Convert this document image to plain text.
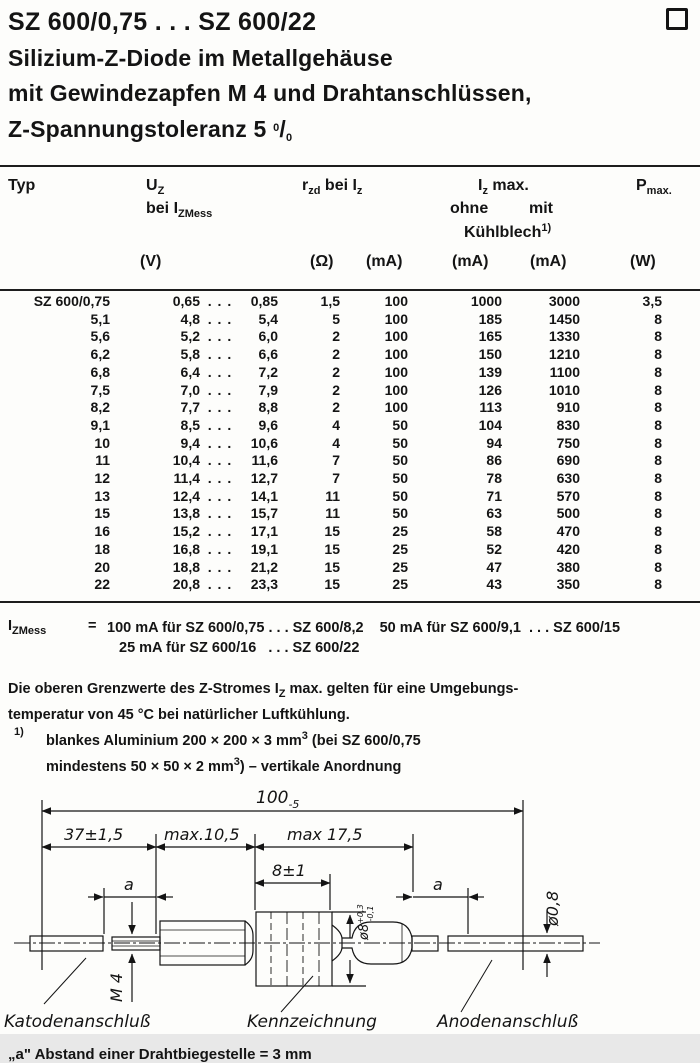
SZ 600/0,75 . . . SZ 600/22
Silizium-Z-Diode im Metallgehäuse
mit Gewindezapfen M 4 und Drahtanschlüssen,
Z-Spannungstoleranz 5 $^0$/0
Typ	$U_Z$
bei $I_{ZMess}$
$r_{zd}$ bei $I_z$	$I_z$ max.
ohne	mit
Kühlblech$^{1)}$
$P_{max.}$
(V)	(Ω) (mA)	(mA)	(mA)	(W)
SZ 600/0,75	0,65	. . .	0,85	1,5	100	1000	3000	3,5
5,1	4,8	. . .	5,4	5	100	185	1450	8
5,6	5,2	. . .	6,0	2	100	165	1330	8
6,2	5,8	. . .	6,6	2	100	150	1210	8
6,8	6,4	. . .	7,2	2	100	139	1100	8
7,5	7,0	. . .	7,9	2	100	126	1010	8
8,2	7,7	. . .	8,8	2	100	113	910	8
9,1	8,5	. . .	9,6	4	50	104	830	8
10	9,4	. . .	10,6	4	50	94	750	8
11	10,4	. . .	11,6	7	50	86	690	8
12	11,4	. . .	12,7	7	50	78	630	8
13	12,4	. . .	14,1	11	50	71	570	8
15	13,8	. . .	15,7	11	50	63	500	8
16	15,2	. . .	17,1	15	25	58	470	8
18	16,8	. . .	19,1	15	25	52	420	8
20	18,8	. . .	21,2	15	25	47	380	8
22	20,8	. . .	23,3	15	25	43	350	8
$I_{ZMess}$	= 100 mA für SZ 600/0,75 . . . SZ 600/8,2 50 mA für SZ 600/9,1  . . . SZ 600/15 25 mA für SZ 600/16   . . . SZ 600/22
Die oberen Grenzwerte des Z-Stromes $I_Z$ max. gelten für eine Umgebungs-
temperatur von 45 °C bei natürlicher Luftkühlung.
1)
blankes Aluminium 200 × 200 × 3 $mm^3$ (bei SZ 600/0,75
mindestens 50 × 50 × 2 $mm^3$) – vertikale Anordnung
$100_{-5}$
37±1,5	max.10,5	max 17,5
8±1
a	a
M 4
$ø8^{+0,3}-0,1$	ø0,8
Katodenanschluß	Kennzeichnung	Anodenanschluß

„a" Abstand einer Drahtbiegestelle = 3 mm
